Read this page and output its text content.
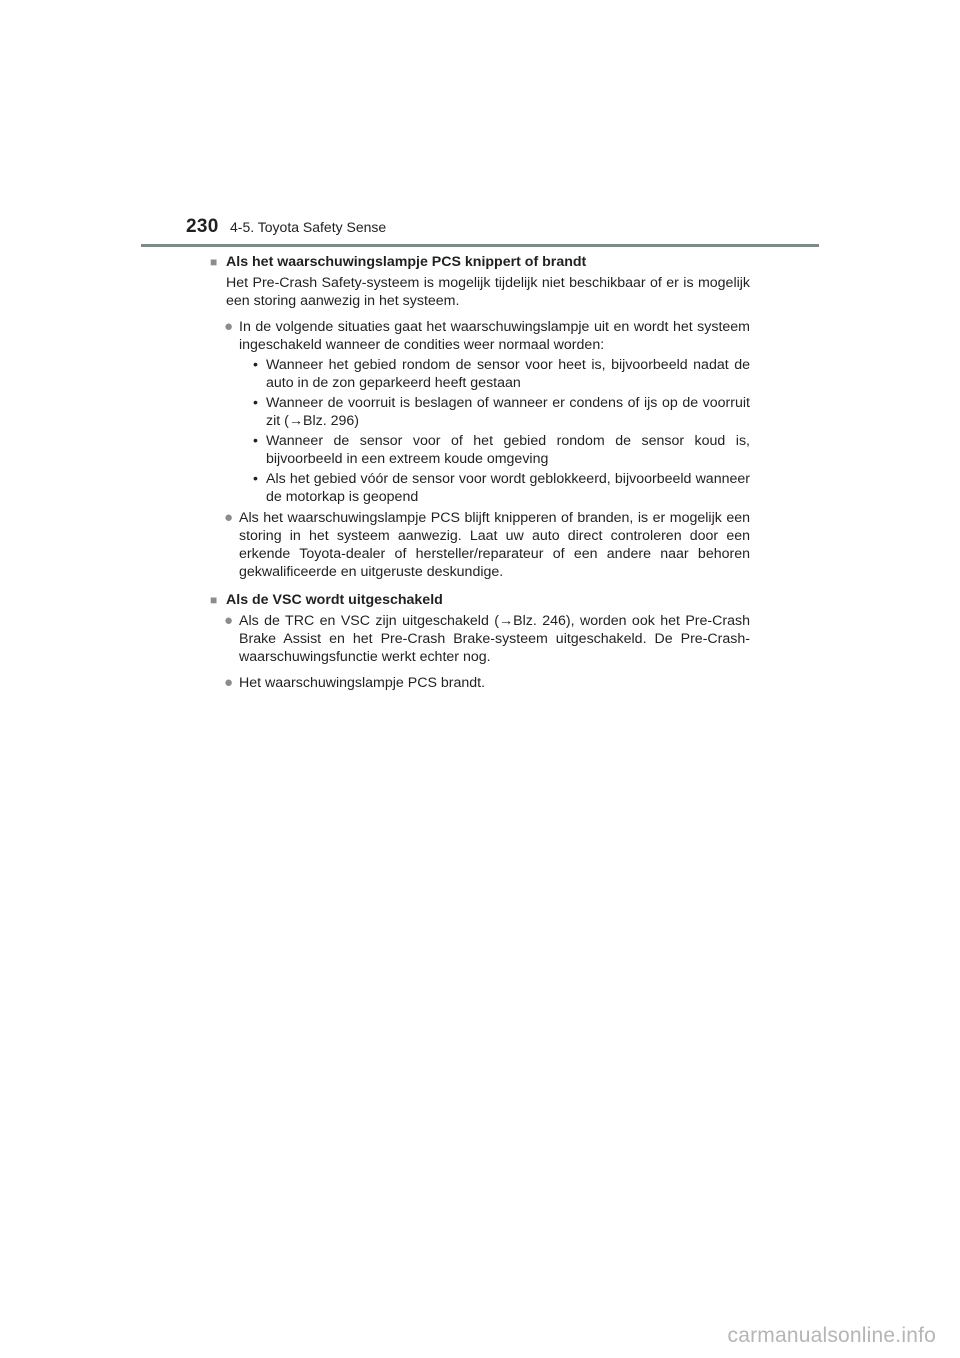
230 4-5. Toyota Safety Sense
■ Als het waarschuwingslampje PCS knippert of brandt
Het Pre-Crash Safety-systeem is mogelijk tijdelijk niet beschikbaar of er is mogelijk een storing aanwezig in het systeem.
● In de volgende situaties gaat het waarschuwingslampje uit en wordt het systeem ingeschakeld wanneer de condities weer normaal worden:
• Wanneer het gebied rondom de sensor voor heet is, bijvoorbeeld nadat de auto in de zon geparkeerd heeft gestaan
• Wanneer de voorruit is beslagen of wanneer er condens of ijs op de voorruit zit (→Blz. 296)
• Wanneer de sensor voor of het gebied rondom de sensor koud is, bijvoorbeeld in een extreem koude omgeving
• Als het gebied vóór de sensor voor wordt geblokkeerd, bijvoorbeeld wanneer de motorkap is geopend
● Als het waarschuwingslampje PCS blijft knipperen of branden, is er mogelijk een storing in het systeem aanwezig. Laat uw auto direct controleren door een erkende Toyota-dealer of hersteller/reparateur of een andere naar behoren gekwalificeerde en uitgeruste deskundige.
■ Als de VSC wordt uitgeschakeld
● Als de TRC en VSC zijn uitgeschakeld (→Blz. 246), worden ook het Pre-Crash Brake Assist en het Pre-Crash Brake-systeem uitgeschakeld. De Pre-Crash-waarschuwingsfunctie werkt echter nog.
● Het waarschuwingslampje PCS brandt.
carmanualsonline.info
